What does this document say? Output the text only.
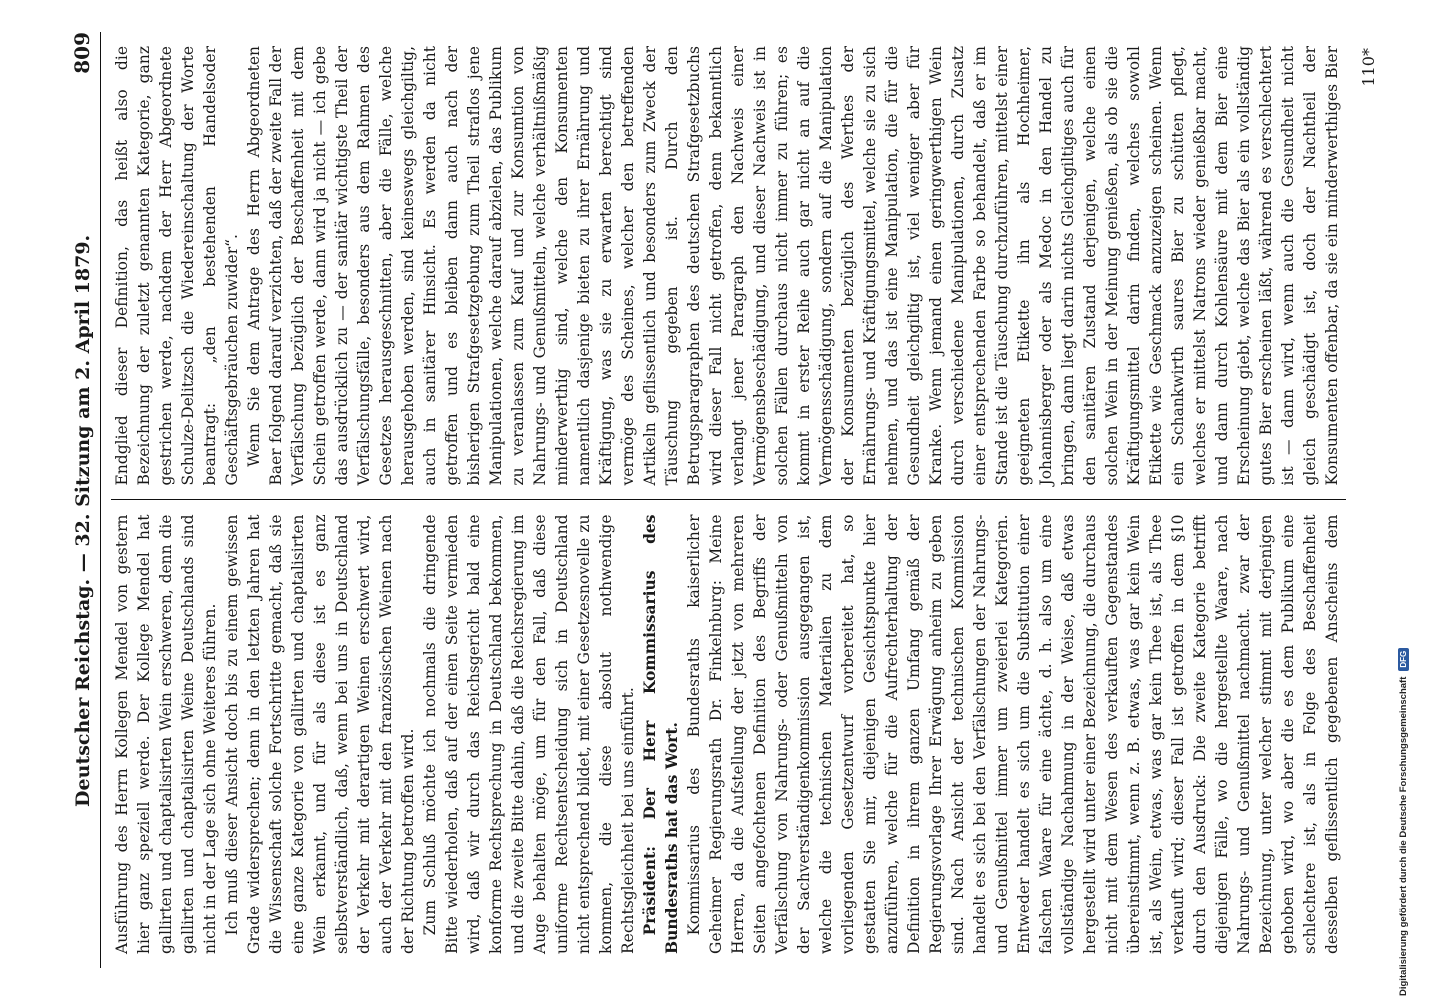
Deutscher Reichstag. — 32. Sitzung am 2. April 1879.
809

Ausführung des Herrn Kollegen Mendel von gestern hier ganz speziell werde. Der Kollege Mendel hat gallirten und chaptalisirten Wein erschweren, denn die gallirten und chaptalisirten Weine Deutschlands sind nicht in der Lage sich ohne Weiteres führen. Ich muß dieser Ansicht doch bis zu einem gewissen Grade widersprechen; denn in den letzten Jahren hat die Wissenschaft solche Fortschritte gemacht, daß sie eine ganze Kategorie von gallirten und chaptalisirten Wein erkannt, und für als diese ist es ganz selbstverständlich, daß, wenn bei uns in Deutschland der Verkehr mit derartigen Weinen erschwert wird, auch der Verkehr mit den französischen Weinen nach der Richtung betroffen wird. Zum Schluß möchte ich nochmals die dringende Bitte wiederholen, daß auf der einen Seite vermieden wird, daß wir durch das Reichsgericht bald eine konforme Rechtsprechung in Deutschland bekommen, und die zweite Bitte dahin, daß die Reichsregierung im Auge behalten möge, um für den Fall, daß diese uniforme Rechtsentscheidung sich in Deutschland nicht entsprechend bildet, mit einer Gesetzesnovelle zu kommen, die diese absolut nothwendige Rechtsgleichheit bei uns einführt. Präsident: Der Herr Kommissarius des Bundesraths hat das Wort. Kommissarius des Bundesraths kaiserlicher Geheimer Regierungsrath Dr. Finkelnburg: Meine Herren, da die Aufstellung der jetzt von mehreren Seiten angefochtenen Definition des Begriffs der Verfälschung von Nahrungs- oder Genußmitteln von der Sachverständigenkommission ausgegangen ist, welche die technischen Materialien zu dem vorliegenden Gesetzentwurf vorbereitet hat, so gestatten Sie mir, diejenigen Gesichtspunkte hier anzuführen, welche für die Aufrechterhaltung der Definition in ihrem ganzen Umfang gemäß der Regierungsvorlage Ihrer Erwägung anheim zu geben sind. Nach Ansicht der technischen Kommission handelt es sich bei den Verfälschungen der Nahrungs- und Genußmittel immer um zweierlei Kategorien. Entweder handelt es sich um die Substitution einer falschen Waare für eine ächte, d. h. also um eine vollständige Nachahmung in der Weise, daß etwas hergestellt wird unter einer Bezeichnung, die durchaus nicht mit dem Wesen des verkauften Gegenstandes übereinstimmt, wenn z. B. etwas, was gar kein Wein ist, als Wein, etwas, was gar kein Thee ist, als Thee verkauft wird; dieser Fall ist getroffen in dem §10 durch den Ausdruck: Die zweite Kategorie betrifft diejenigen Fälle, wo die hergestellte Waare, nach Nahrungs- und Genußmittel nachmacht. zwar der Bezeichnung, unter welcher stimmt mit derjenigen gehoben wird, wo aber die es dem Publikum eine schlechtere ist, als in Folge des Beschaffenheit desselben geflissentlich gegebenen Anscheins dem

Endglied dieser Definition, das heißt also die Bezeichnung der zuletzt genannten Kategorie, ganz gestrichen werde, nachdem der Herr Abgeordnete Schulze-Delitzsch die Wiedereinschaltung der Worte beantragt: „den bestehenden Handelsoder Geschäftsgebräuchen zuwider“. Wenn Sie dem Antrage des Herrn Abgeordneten Baer folgend darauf verzichten, daß der zweite Fall der Verfälschung bezüglich der Beschaffenheit mit dem Schein getroffen werde, dann wird ja nicht — ich gebe das ausdrücklich zu — der sanitär wichtigste Theil der Verfälschungsfälle, besonders aus dem Rahmen des Gesetzes herausgeschnitten, aber die Fälle, welche herausgehoben werden, sind keineswegs gleichgiltig, auch in sanitärer Hinsicht. Es werden da nicht getroffen und es bleiben dann auch nach der bisherigen Strafgesetzgebung zum Theil straflos jene Manipulationen, welche darauf abzielen, das Publikum zu veranlassen zum Kauf und zur Konsumtion von Nahrungs- und Genußmitteln, welche verhältnißmäßig minderwerthig sind, welche den Konsumenten namentlich dasjenige bieten zu ihrer Ernährung und Kräftigung, was sie zu erwarten berechtigt sind vermöge des Scheines, welcher den betreffenden Artikeln geflissentlich und besonders zum Zweck der Täuschung gegeben ist. Durch den Betrugsparagraphen des deutschen Strafgesetzbuchs wird dieser Fall nicht getroffen, denn bekanntlich verlangt jener Paragraph den Nachweis einer Vermögensbeschädigung, und dieser Nachweis ist in solchen Fällen durchaus nicht immer zu führen; es kommt in erster Reihe auch gar nicht an auf die Vermögensschädigung, sondern auf die Manipulation der Konsumenten bezüglich des Werthes der Ernährungs- und Kräftigungsmittel, welche sie zu sich nehmen, und das ist eine Manipulation, die für die Gesundheit gleichgiltig ist, viel weniger aber für Kranke. Wenn jemand einen geringwerthigen Wein durch verschiedene Manipulationen, durch Zusatz einer entsprechenden Farbe so behandelt, daß er im Stande ist die Täuschung durchzuführen, mittelst einer geeigneten Etikette ihn als Hochheimer, Johannisberger oder als Medoc in den Handel zu bringen, dann liegt darin nichts Gleichgiltiges auch für den sanitären Zustand derjenigen, welche einen solchen Wein in der Meinung genießen, als ob sie die Kräftigungsmittel darin finden, welches sowohl Etikette wie Geschmack anzuzeigen scheinen. Wenn ein Schankwirth saures Bier zu schütten pflegt, welches er mittelst Natrons wieder genießbar macht, und dann durch Kohlensäure mit dem Bier eine Erscheinung giebt, welche das Bier als ein vollständig gutes Bier erscheinen läßt, während es verschlechtert ist — dann wird, wenn auch die Gesundheit nicht gleich geschädigt ist, doch der Nachtheil der Konsumenten offenbar, da sie ein minderwerthiges Bier	110*
Digitalisierung gefördert durch die Deutsche Forschungsgemeinschaft
DFG
